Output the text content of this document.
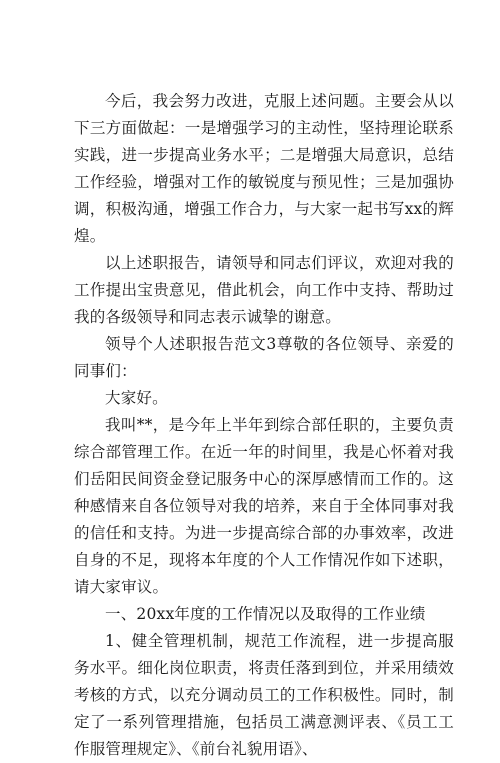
今后，我会努力改进，克服上述问题。主要会从以下三方面做起：一是增强学习的主动性，坚持理论联系实践，进一步提高业务水平；二是增强大局意识，总结工作经验，增强对工作的敏锐度与预见性；三是加强协调，积极沟通，增强工作合力，与大家一起书写xx的辉煌。

以上述职报告，请领导和同志们评议，欢迎对我的工作提出宝贵意见，借此机会，向工作中支持、帮助过我的各级领导和同志表示诚挚的谢意。

领导个人述职报告范文3尊敬的各位领导、亲爱的同事们：

大家好。

我叫**，是今年上半年到综合部任职的，主要负责综合部管理工作。在近一年的时间里，我是心怀着对我们岳阳民间资金登记服务中心的深厚感情而工作的。这种感情来自各位领导对我的培养，来自于全体同事对我的信任和支持。为进一步提高综合部的办事效率，改进自身的不足，现将本年度的个人工作情况作如下述职，请大家审议。

一、20xx年度的工作情况以及取得的工作业绩

1、健全管理机制，规范工作流程，进一步提高服务水平。细化岗位职责，将责任落到到位，并采用绩效考核的方式，以充分调动员工的工作积极性。同时，制定了一系列管理措施，包括员工满意测评表、《员工工作服管理规定》、《前台礼貌用语》、
